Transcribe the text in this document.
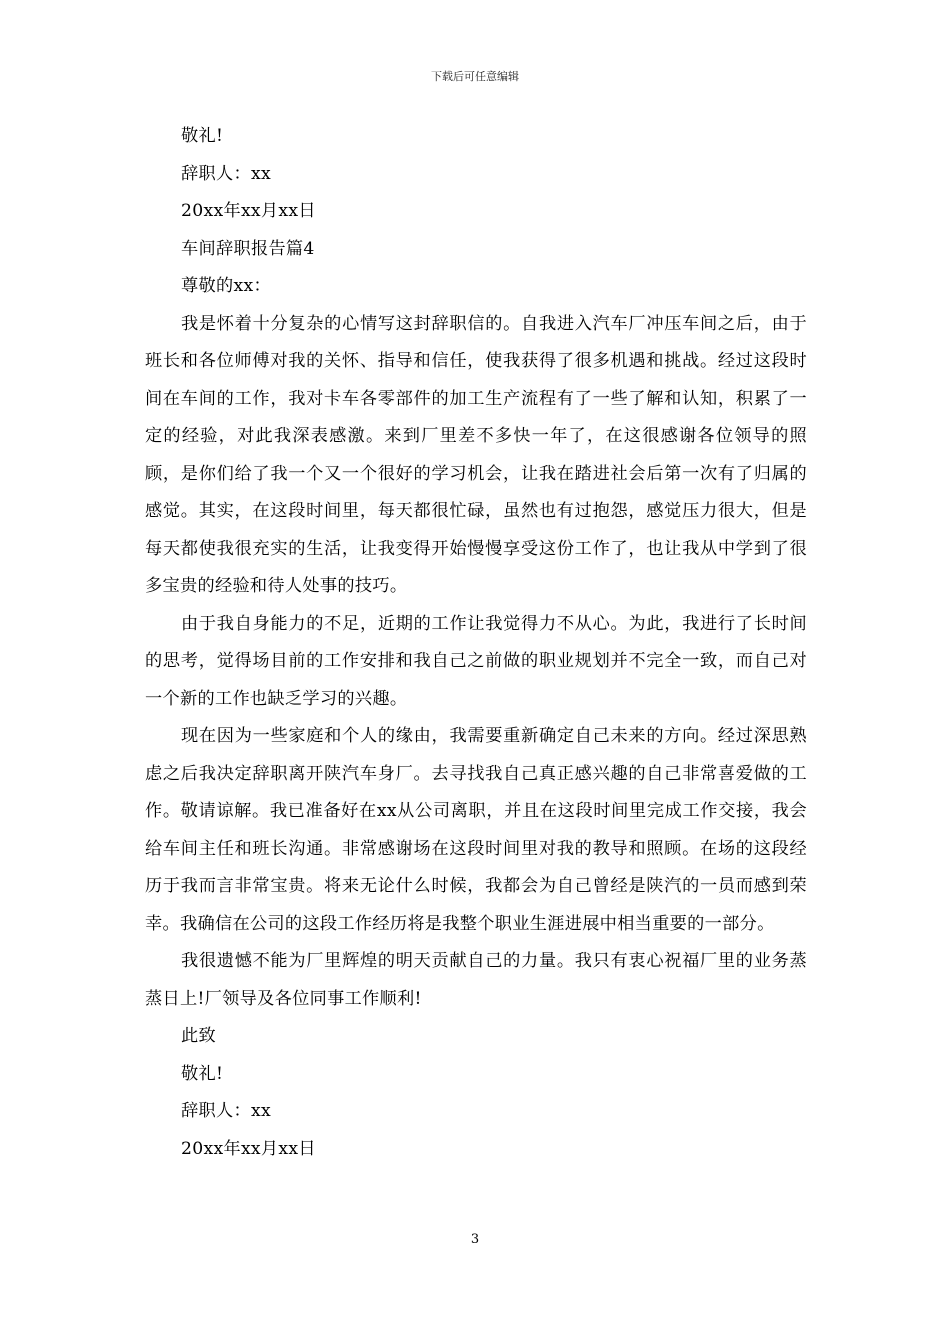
下载后可任意编辑

敬礼!

辞职人：xx

20xx年xx月xx日

车间辞职报告篇4

尊敬的xx：

我是怀着十分复杂的心情写这封辞职信的。自我进入汽车厂冲压车间之后，由于班长和各位师傅对我的关怀、指导和信任，使我获得了很多机遇和挑战。经过这段时间在车间的工作，我对卡车各零部件的加工生产流程有了一些了解和认知，积累了一定的经验，对此我深表感激。来到厂里差不多快一年了，在这很感谢各位领导的照顾，是你们给了我一个又一个很好的学习机会，让我在踏进社会后第一次有了归属的感觉。其实，在这段时间里，每天都很忙碌，虽然也有过抱怨，感觉压力很大，但是每天都使我很充实的生活，让我变得开始慢慢享受这份工作了，也让我从中学到了很多宝贵的经验和待人处事的技巧。

由于我自身能力的不足，近期的工作让我觉得力不从心。为此，我进行了长时间的思考，觉得场目前的工作安排和我自己之前做的职业规划并不完全一致，而自己对一个新的工作也缺乏学习的兴趣。

现在因为一些家庭和个人的缘由，我需要重新确定自己未来的方向。经过深思熟虑之后我决定辞职离开陕汽车身厂。去寻找我自己真正感兴趣的自己非常喜爱做的工作。敬请谅解。我已准备好在xx从公司离职，并且在这段时间里完成工作交接，我会给车间主任和班长沟通。非常感谢场在这段时间里对我的教导和照顾。在场的这段经历于我而言非常宝贵。将来无论什么时候，我都会为自己曾经是陕汽的一员而感到荣幸。我确信在公司的这段工作经历将是我整个职业生涯进展中相当重要的一部分。

我很遗憾不能为厂里辉煌的明天贡献自己的力量。我只有衷心祝福厂里的业务蒸蒸日上!厂领导及各位同事工作顺利!

此致

敬礼!

辞职人：xx

20xx年xx月xx日

3
